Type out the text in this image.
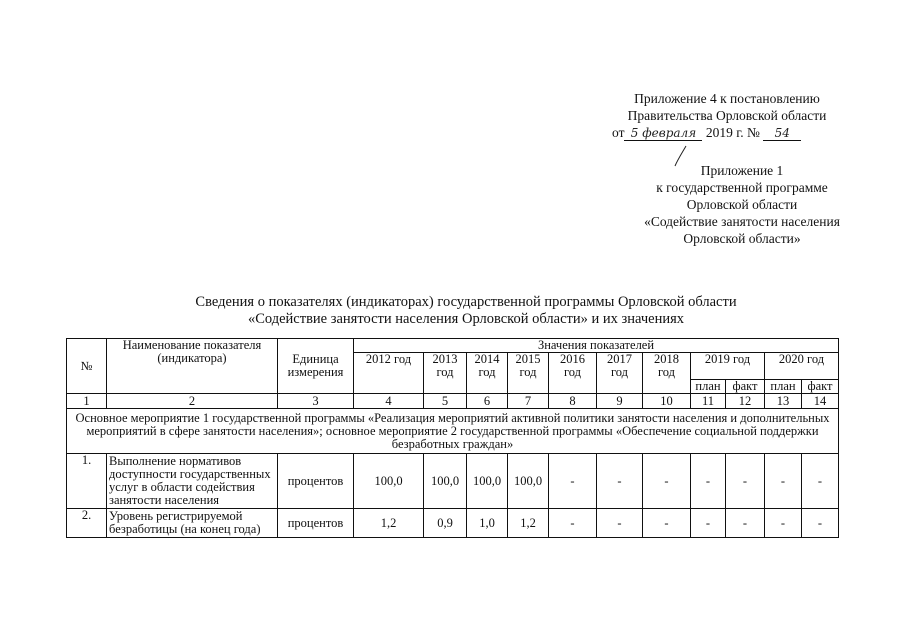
Приложение 4 к постановлению
Правительства Орловской области
от 5 февраля 2019 г. № 54
Приложение 1
к государственной программе
Орловской области
«Содействие занятости населения
Орловской области»
Сведения о показателях (индикаторах) государственной программы Орловской области
«Содействие занятости населения Орловской области» и их значениях
№	Наименование показателя (индикатора)	Единица измерения	Значения показателей										
			2012 год	2013 год	2014 год	2015 год	2016 год	2017 год	2018 год	2019 год		2020 год	
										план	факт	план	факт
1	2	3	4	5	6	7	8	9	10	11	12	13	14
Основное мероприятие 1 государственной программы «Реализация мероприятий активной политики занятости населения и дополнительных мероприятий в сфере занятости населения»; основное мероприятие 2 государственной программы «Обеспечение социальной поддержки безработных граждан»													
1.	Выполнение нормативов доступности государственных услуг в области содействия занятости населения	процентов	100,0	100,0	100,0	100,0	-	-	-	-	-	-	-
2.	Уровень регистрируемой безработицы (на конец года)	процентов	1,2	0,9	1,0	1,2	-	-	-	-	-	-	-
